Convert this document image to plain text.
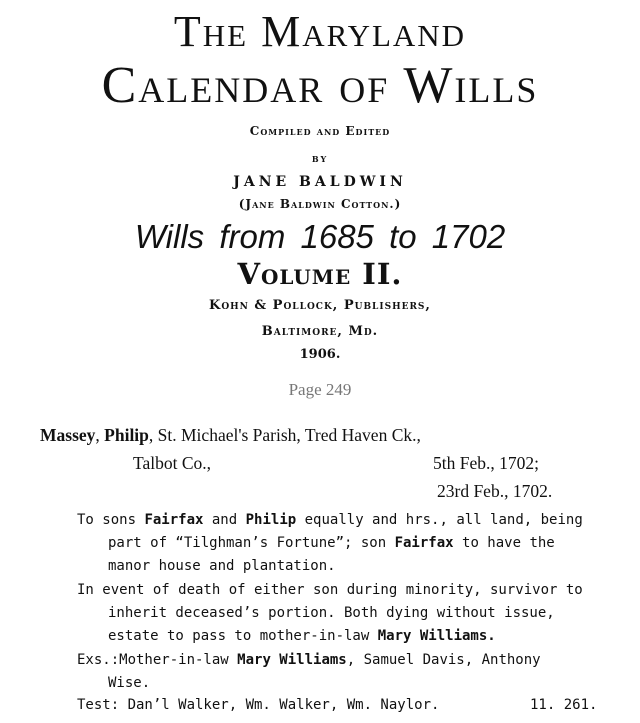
The Maryland
Calendar of Wills
Compiled and Edited
by
JANE BALDWIN
(Jane Baldwin Cotton.)
Wills from 1685 to 1702
Volume II.
Kohn & Pollock, Publishers,
Baltimore, Md.
1906.
Page 249
Massey, Philip, St. Michael's Parish, Tred Haven Ck.,
Talbot Co.,	5th Feb., 1702;
23rd Feb., 1702.
To sons Fairfax and Philip equally and hrs., all land, being
part of “Tilghman’s Fortune”; son Fairfax to have the
manor house and plantation.
In event of death of either son during minority, survivor to
inherit deceased’s portion. Both dying without issue,
estate to pass to mother-in-law Mary Williams.
Exs.:Mother-in-law Mary Williams, Samuel Davis, Anthony
Wise.
Test: Dan’l Walker, Wm. Walker, Wm. Naylor.	11. 261.
